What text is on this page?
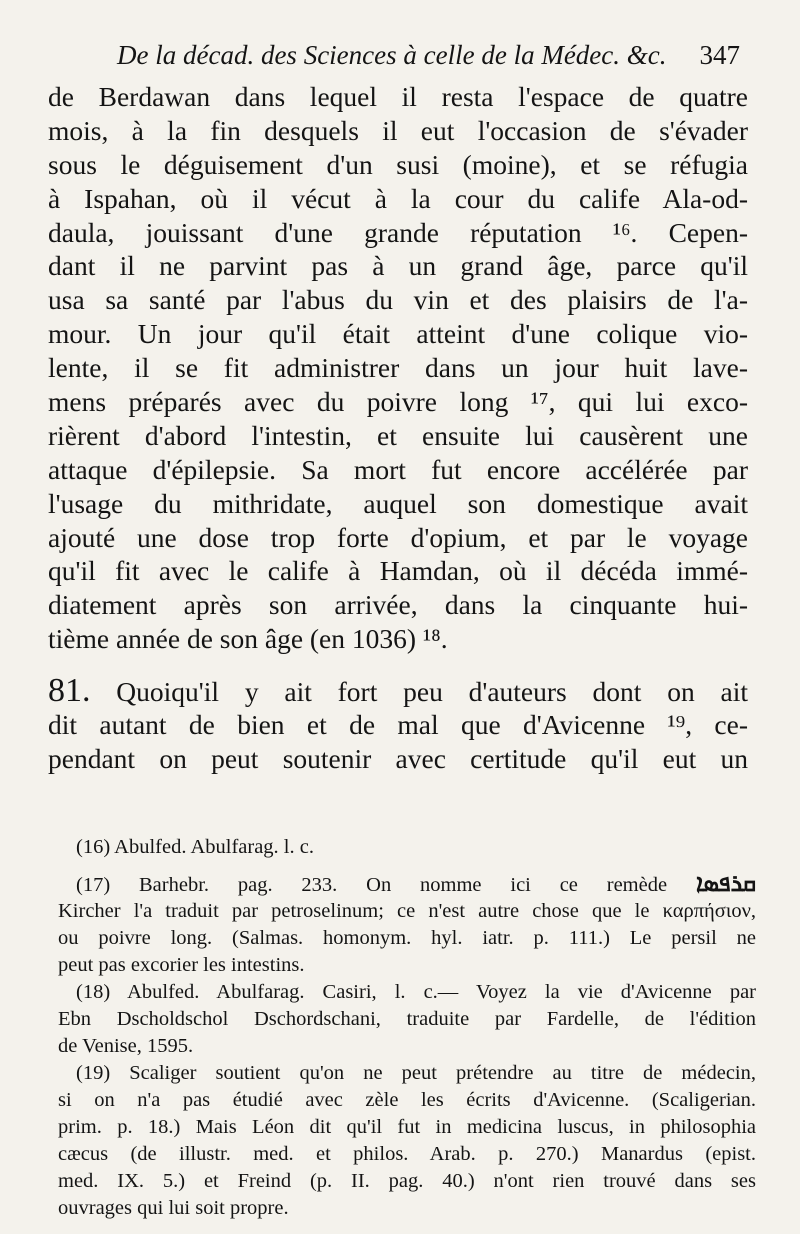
De la décad. des Sciences à celle de la Médec. &c. 347
de Berdawan dans lequel il resta l'espace de quatre
mois, à la fin desquels il eut l'occasion de s'évader
sous le déguisement d'un susi (moine), et se réfugia
à Ispahan, où il vécut à la cour du calife Ala-od-
daula, jouissant d'une grande réputation ¹⁶. Cepen-
dant il ne parvint pas à un grand âge, parce qu'il
usa sa santé par l'abus du vin et des plaisirs de l'a-
mour. Un jour qu'il était atteint d'une colique vio-
lente, il se fit administrer dans un jour huit lave-
mens préparés avec du poivre long ¹⁷, qui lui exco-
rièrent d'abord l'intestin, et ensuite lui causèrent une
attaque d'épilepsie. Sa mort fut encore accélérée par
l'usage du mithridate, auquel son domestique avait
ajouté une dose trop forte d'opium, et par le voyage
qu'il fit avec le calife à Hamdan, où il décéda immé-
diatement après son arrivée, dans la cinquante hui-
tième année de son âge (en 1036) ¹⁸.
81. Quoiqu'il y ait fort peu d'auteurs dont on ait
dit autant de bien et de mal que d'Avicenne ¹⁹, ce-
pendant on peut soutenir avec certitude qu'il eut un
(16) Abulfed. Abulfarag. l. c.
(17) Barhebr. pag. 233. On nomme ici ce remède ܩܪܦܣܐ
Kircher l'a traduit par petroselinum; ce n'est autre chose que le καρπήσιον,
ou poivre long. (Salmas. homonym. hyl. iatr. p. 111.) Le persil ne
peut pas excorier les intestins.
(18) Abulfed. Abulfarag. Casiri, l. c.— Voyez la vie d'Avicenne par
Ebn Dscholdschol Dschordschani, traduite par Fardelle, de l'édition
de Venise, 1595.
(19) Scaliger soutient qu'on ne peut prétendre au titre de médecin,
si on n'a pas étudié avec zèle les écrits d'Avicenne. (Scaligerian.
prim. p. 18.) Mais Léon dit qu'il fut in medicina luscus, in philosophia
cæcus (de illustr. med. et philos. Arab. p. 270.) Manardus (epist.
med. IX. 5.) et Freind (p. II. pag. 40.) n'ont rien trouvé dans ses
ouvrages qui lui soit propre.
